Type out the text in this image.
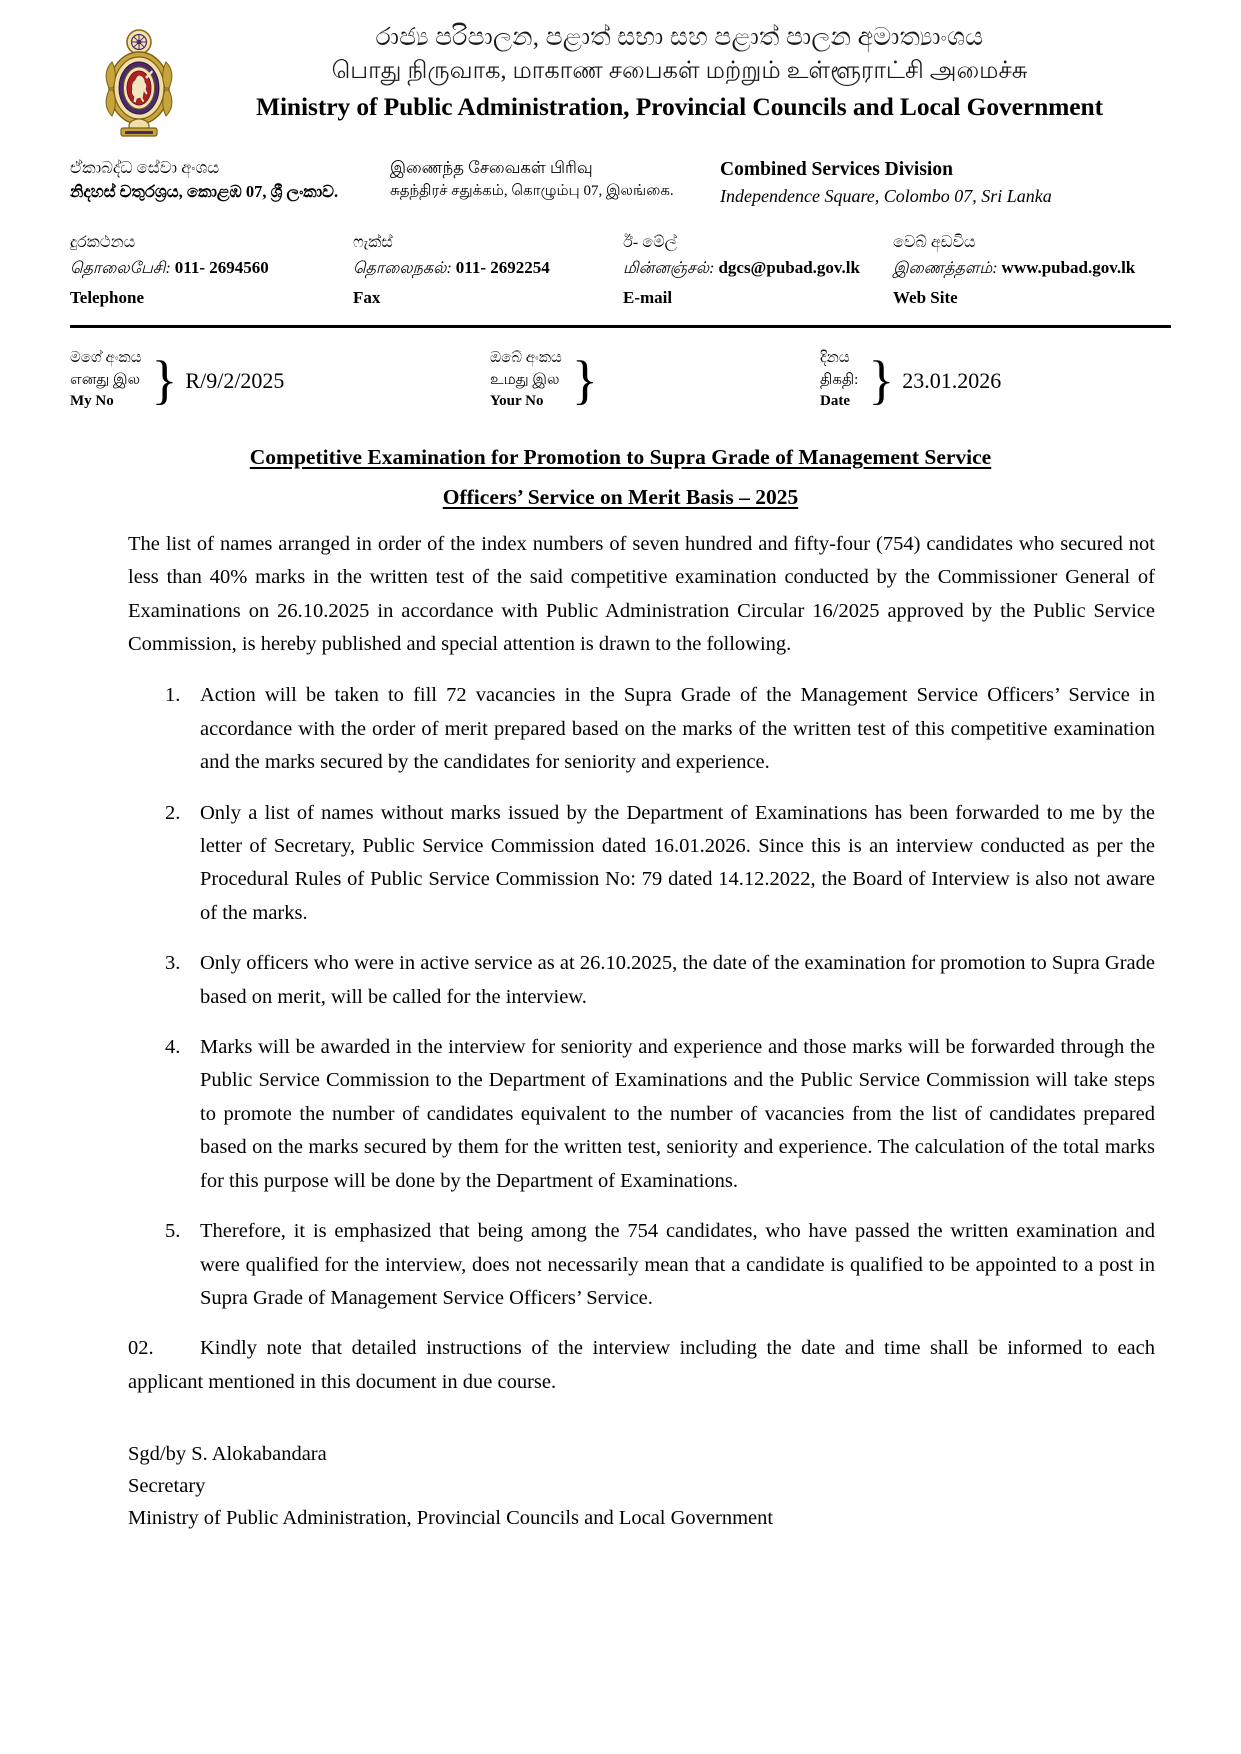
රාජ්‍ය පරිපාලන, පළාත් සභා සහ පළාත් පාලන අමාත්‍යාංශය
பொது நிருவாக, மாகாண சபைகள் மற்றும் உள்ளூராட்சி அமைச்சு
Ministry of Public Administration, Provincial Councils and Local Government
ඒකාබද්ධ සේවා අංශය
නිදහස් චතුරශ්‍රය, කොළඹ 07, ශ්‍රී ලංකාව.
இணைந்த சேவைகள் பிரிவு
சுதந்திரச் சதுக்கம், கொழும்பு 07, இலங்கை.
Combined Services Division
Independence Square, Colombo 07, Sri Lanka
දුරකථනය
தொலைபேசி: 011- 2694560
Telephone
ෆැක්ස්
தொலைநகல்: 011- 2692254
Fax
ඊ- මේල්
மின்னஞ்சல்: dgcs@pubad.gov.lk
E-mail
වෙබ් අඩවිය
இணைத்தளம்: www.pubad.gov.lk
Web Site
මගේ අංකය
எனது இல
My No } R/9/2/2025
ඔබේ අංකය
உமது இல
Your No }	දිනය
திகதி:
Date } 23.01.2026
Competitive Examination for Promotion to Supra Grade of Management Service
Officers’ Service on Merit Basis – 2025

The list of names arranged in order of the index numbers of seven hundred and fifty-four (754) candidates who secured not less than 40% marks in the written test of the said competitive examination conducted by the Commissioner General of Examinations on 26.10.2025 in accordance with Public Administration Circular 16/2025 approved by the Public Service Commission, is hereby published and special attention is drawn to the following.

Action will be taken to fill 72 vacancies in the Supra Grade of the Management Service Officers’ Service in accordance with the order of merit prepared based on the marks of the written test of this competitive examination and the marks secured by the candidates for seniority and experience.
Only a list of names without marks issued by the Department of Examinations has been forwarded to me by the letter of Secretary, Public Service Commission dated 16.01.2026. Since this is an interview conducted as per the Procedural Rules of Public Service Commission No: 79 dated 14.12.2022, the Board of Interview is also not aware of the marks.
Only officers who were in active service as at 26.10.2025, the date of the examination for promotion to Supra Grade based on merit, will be called for the interview.
Marks will be awarded in the interview for seniority and experience and those marks will be forwarded through the Public Service Commission to the Department of Examinations and the Public Service Commission will take steps to promote the number of candidates equivalent to the number of vacancies from the list of candidates prepared based on the marks secured by them for the written test, seniority and experience. The calculation of the total marks for this purpose will be done by the Department of Examinations.
Therefore, it is emphasized that being among the 754 candidates, who have passed the written examination and were qualified for the interview, does not necessarily mean that a candidate is qualified to be appointed to a post in Supra Grade of Management Service Officers’ Service.
02. Kindly note that detailed instructions of the interview including the date and time shall be informed to each applicant mentioned in this document in due course.
Sgd/by S. Alokabandara
Secretary
Ministry of Public Administration, Provincial Councils and Local Government
